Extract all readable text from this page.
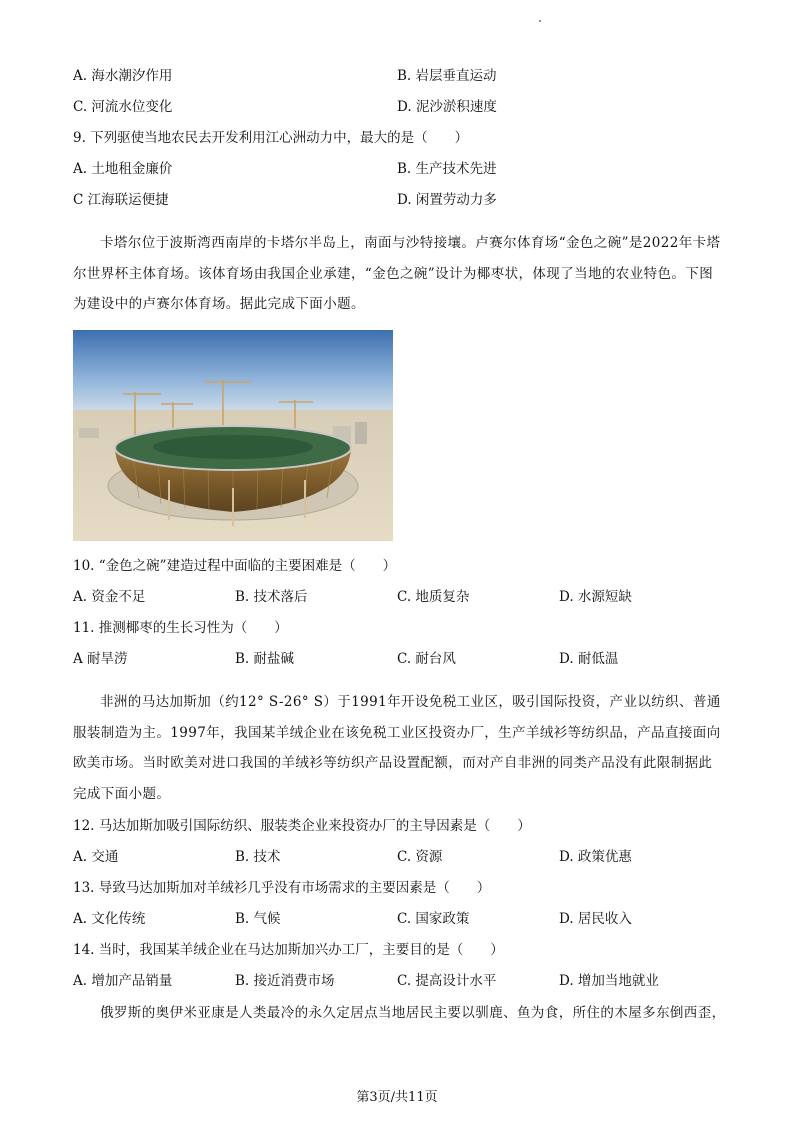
A. 海水潮汐作用	B. 岩层垂直运动
C. 河流水位变化	D. 泥沙淤积速度
9. 下列驱使当地农民去开发利用江心洲动力中，最大的是（　　）
A. 土地租金廉价	B. 生产技术先进
C 江海联运便捷	D. 闲置劳动力多
卡塔尔位于波斯湾西南岸的卡塔尔半岛上，南面与沙特接壤。卢赛尔体育场“金色之碗”是2022年卡塔尔世界杯主体育场。该体育场由我国企业承建，“金色之碗”设计为椰枣状，体现了当地的农业特色。下图为建设中的卢赛尔体育场。据此完成下面小题。
10. “金色之碗”建造过程中面临的主要困难是（　　）
A. 资金不足	B. 技术落后	C. 地质复杂	D. 水源短缺
11. 推测椰枣的生长习性为（　　）
A 耐旱涝	B. 耐盐碱	C. 耐台风	D. 耐低温
非洲的马达加斯加（约12° S-26° S）于1991年开设免税工业区，吸引国际投资，产业以纺织、普通服装制造为主。1997年，我国某羊绒企业在该免税工业区投资办厂，生产羊绒衫等纺织品，产品直接面向欧美市场。当时欧美对进口我国的羊绒衫等纺织产品设置配额，而对产自非洲的同类产品没有此限制据此完成下面小题。
12. 马达加斯加吸引国际纺织、服装类企业来投资办厂的主导因素是（　　）
A. 交通	B. 技术	C. 资源	D. 政策优惠
13. 导致马达加斯加对羊绒衫几乎没有市场需求的主要因素是（　　）
A. 文化传统	B. 气候	C. 国家政策	D. 居民收入
14. 当时，我国某羊绒企业在马达加斯加兴办工厂，主要目的是（　　）
A. 增加产品销量	B. 接近消费市场	C. 提高设计水平	D. 增加当地就业
俄罗斯的奥伊米亚康是人类最冷的永久定居点当地居民主要以驯鹿、鱼为食，所住的木屋多东倒西歪，
第3页/共11页
